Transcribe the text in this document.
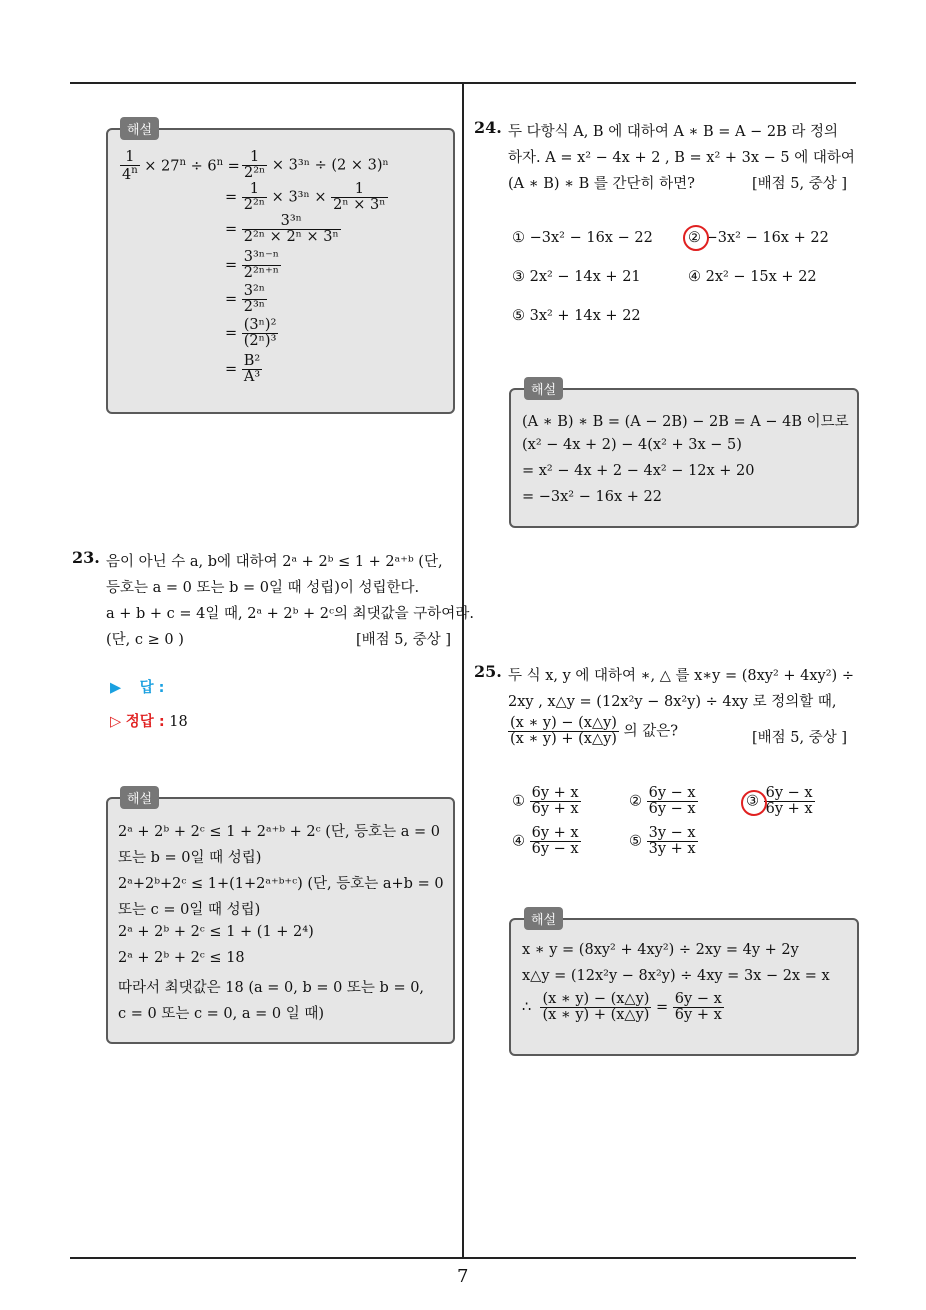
7
해설
$\frac{1}{4^n} \times 27^n \div 6^n = \frac{1}{\text{2²ⁿ}} \times 3^{3n} \div (2 \times 3)^n$
= $\frac{1}{\text{2²ⁿ}} \times 3^{3n} \times \frac{1}{\text{2ⁿ × 3ⁿ}}$
= $\frac{\text{3³ⁿ}}{\text{2²ⁿ × 2ⁿ × 3ⁿ}}$
= $\frac{\text{3³ⁿ⁻ⁿ}}{\text{2²ⁿ⁺ⁿ}}$
= $\frac{\text{3²ⁿ}}{\text{2³ⁿ}}$
= $\frac{\text{(3ⁿ)²}}{\text{(2ⁿ)³}}$
= $\frac{\text{B²}}{\text{A³}}$
23. 음이 아닌 수 a, b에 대하여 2ᵃ + 2ᵇ ≤ 1 + 2ᵃ⁺ᵇ (단,
등호는 a = 0 또는 b = 0일 때 성립)이 성립한다.
a + b + c = 4일 때, 2ᵃ + 2ᵇ + 2ᶜ의 최댓값을 구하여라.
(단, c ≥ 0 )	[배점 5, 중상 ]
▶ 답 :
▷ 정답 : 18
해설
2ᵃ + 2ᵇ + 2ᶜ ≤ 1 + 2ᵃ⁺ᵇ + 2ᶜ (단, 등호는 a = 0
또는 b = 0일 때 성립)
2ᵃ+2ᵇ+2ᶜ ≤ 1+(1+2ᵃ⁺ᵇ⁺ᶜ) (단, 등호는 a+b = 0
또는 c = 0일 때 성립)
2ᵃ + 2ᵇ + 2ᶜ ≤ 1 + (1 + 2⁴)
2ᵃ + 2ᵇ + 2ᶜ ≤ 18
따라서 최댓값은 18 (a = 0, b = 0 또는 b = 0,
c = 0 또는 c = 0, a = 0 일 때)
24. 두 다항식 A, B 에 대하여 A ∗ B = A − 2B 라 정의
하자. A = x² − 4x + 2 , B = x² + 3x − 5 에 대하여
(A ∗ B) ∗ B 를 간단히 하면?	[배점 5, 중상 ]
① −3x² − 16x − 22 ② −3x² − 16x + 22
③ 2x² − 14x + 21	④ 2x² − 15x + 22
⑤ 3x² + 14x + 22
해설
(A ∗ B) ∗ B = (A − 2B) − 2B = A − 4B 이므로
(x² − 4x + 2) − 4(x² + 3x − 5)
= x² − 4x + 2 − 4x² − 12x + 20
= −3x² − 16x + 22
25. 두 식 x, y 에 대하여 ∗, △ 를 x∗y = (8xy² + 4xy²) ÷
2xy , x△y = (12x²y − 8x²y) ÷ 4xy 로 정의할 때,
$\frac{(x ∗ y) - (x\triangle y)}{(x ∗ y) + (x\triangle y)}$ 의 값은?	[배점 5, 중상 ]
① $\frac{6y + x}{6y + x}$	② $\frac{6y - x}{6y - x}$	③ $\frac{6y - x}{6y + x}$
④ $\frac{6y + x}{6y - x}$	⑤ $\frac{3y - x}{3y + x}$
해설
x ∗ y = (8xy² + 4xy²) ÷ 2xy = 4y + 2y
x△y = (12x²y − 8x²y) ÷ 4xy = 3x − 2x = x
∴ $\frac{(x ∗ y) - (x\triangle y)}{(x ∗ y) + (x\triangle y)} = \frac{6y - x}{6y + x}$
